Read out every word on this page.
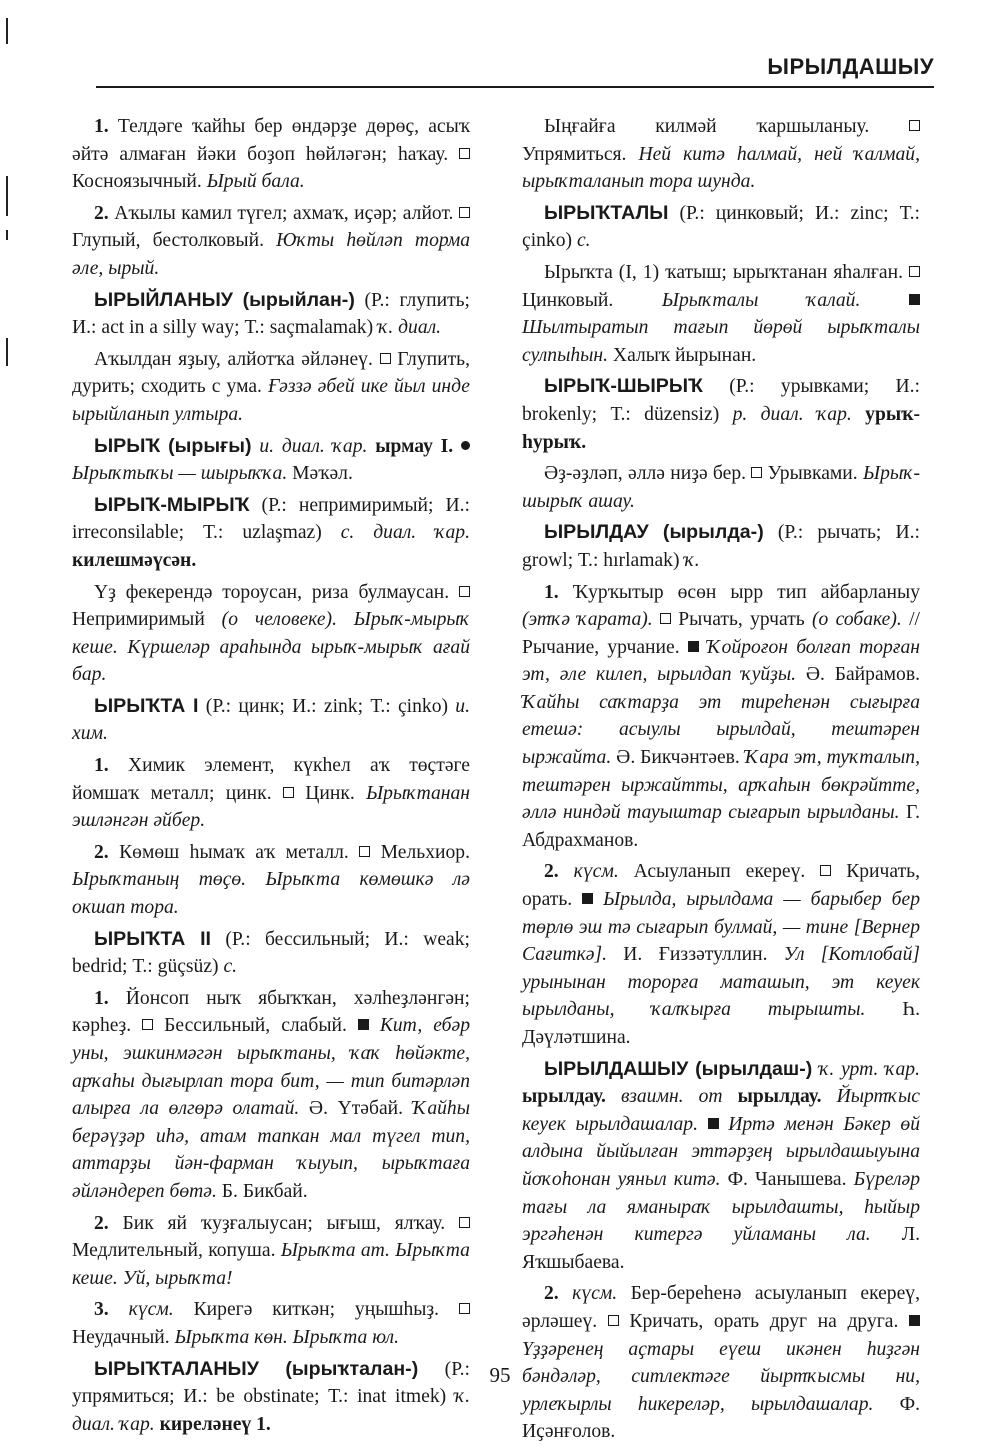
ЫРЫЛДАШЫУ

1. Телдәге ҡайһы бер өндәрҙе дөрөҫ, асыҡ әйтә алмаған йәки боҙоп һөйләгән; һаҡау.  Косноязычный. Ырый бала.

2. Аҡылы камил түгел; ахмаҡ, иҫәр; алйот.  Глупый, бестолковый. Юҡты һөйләп торма әле, ырый.

ЫРЫЙЛАНЫУ (ырыйлан-) (Р.: глупить; И.: act in a silly way; Т.: saçmalamak) ҡ. диал.

Аҡылдан яҙыу, алйотҡа әйләнеү.  Глупить, дурить; сходить с ума. Ғәззә әбей ике йыл инде ырыйланып ултыра.

ЫРЫҠ (ырығы) и. диал. ҡар. ырмау I.  Ырыҡтыҡы — шырыҡҡа. Мәҡәл.

ЫРЫҠ-МЫРЫҠ (Р.: непримиримый; И.: irreconsilable; Т.: uzlaşmaz) с. диал. ҡар. килешмәүсән.

Үҙ фекерендә тороусан, риза булмаусан.  Непримиримый (о человеке). Ырыҡ-мырыҡ кеше. Күршеләр араһында ырыҡ-мырыҡ ағай бар.

ЫРЫҠТА I (Р.: цинк; И.: zink; Т.: çinko) и. хим.

1. Химик элемент, күкһел аҡ төҫтәге йомшаҡ металл; цинк.  Цинк. Ырыҡтанан эшләнгән әйбер.

2. Көмөш һымаҡ аҡ металл.  Мельхиор. Ырыҡтаның төҫө. Ырыҡта көмөшкә лә окшап тора.

ЫРЫҠТА II (Р.: бессильный; И.: weak; bedrid; Т.: güçsüz) с.

1. Йонсоп ныҡ ябыҡҡан, хәлһеҙләнгән; кәрһеҙ.  Бессильный, слабый.  Кит, ебәр уны, эшкинмәгән ырыҡтаны, ҡаҡ һөйәкте, арҡаһы дығырлап тора бит, — тип битәрләп алырға ла өлгөрә олатай. Ә. Үтәбай. Ҡайһы берәүҙәр иһә, атам тапкан мал түгел тип, аттарҙы йән-фарман ҡыуып, ырыҡтаға әйләндереп бөтә. Б. Бикбай.

2. Бик яй ҡуҙғалыусан; ығыш, ялҡау.  Медлительный, копуша. Ырыҡта ат. Ырыҡта кеше. Уй, ырыҡта!

3. күсм. Кирегә киткән; уңышһыҙ.  Неудачный. Ырыҡта көн. Ырыҡта юл.

ЫРЫҠТАЛАНЫУ (ырыҡталан-) (Р.: упрямиться; И.: be obstinate; Т.: inat itmek) ҡ. диал. ҡар. киреләнеү 1.

Ыңғайға килмәй ҡаршыланыу.  Упрямиться. Ней китә һалмай, ней ҡалмай, ырыҡталанып тора шунда.

ЫРЫҠТАЛЫ (Р.: цинковый; И.: zinc; Т.: çinko) с.

Ырыҡта (I, 1) ҡатыш; ырыҡтанан яһалған.  Цинковый. Ырыҡталы ҡалай.  Шылтыратып тағып йөрөй ырыҡталы сулпыһын. Халыҡ йырынан.

ЫРЫҠ-ШЫРЫҠ (Р.: урывками; И.: brokenly; Т.: düzensiz) р. диал. ҡар. урыҡ-һурыҡ.

Әҙ-әҙләп, әллә ниҙә бер.  Урывками. Ырыҡ-шырыҡ ашау.

ЫРЫЛДАУ (ырылда-) (Р.: рычать; И.: growl; Т.: hırlamak) ҡ.

1. Ҡурҡытыр өсөн ырр тип айбарланыу (этҡә ҡарата).  Рычать, урчать (о собаке). // Рычание, урчание.  Ҡойроғон болғап торған эт, әле килеп, ырылдап ҡуйҙы. Ә. Байрамов. Ҡайһы саҡтарҙа эт тиреһенән сығырға етешә: асыулы ырылдай, тештәрен ыржайта. Ә. Бикчәнтәев. Ҡара эт, туҡталып, тештәрен ыржайтты, арҡаһын бөкрәйтте, әллә ниндәй тауыштар сығарып ырылданы. Г. Абдрахманов.

2. күсм. Асыуланып екереү.  Кричать, орать.  Ырылда, ырылдама — барыбер бер төрлө эш тә сығарып булмай, — тине [Вернер Сағиткә]. И. Ғиззәтуллин. Ул [Котлобай] урынынан торорға маташып, эт кеуек ырылданы, ҡалҡырға тырышты. Һ. Дәүләтшина.

ЫРЫЛДАШЫУ (ырылдаш-) ҡ. урт. ҡар. ырылдау. взаимн. от ырылдау. Йыртҡыс кеуек ырылдашалар. Иртә менән Бәкер өй алдына йыйылған эттәрҙең ырылдашыуына йоҡоһонан уяныл китә. Ф. Чанышева. Бүреләр тағы ла яманыраҡ ырылдашты, һыйыр эргәһенән китергә уйламаны ла. Л. Яҡшыбаева.

2. күсм. Бер-береһенә асыуланып екереү, әрләшеү.  Кричать, орать друг на друга.  Үҙҙәренең аҫтары еүеш икәнен һиҙгән бәндәләр, ситлектәге йыртҡысмы ни, урлеҡырлы һикереләр, ырылдашалар. Ф. Иҫәнғолов.

95
